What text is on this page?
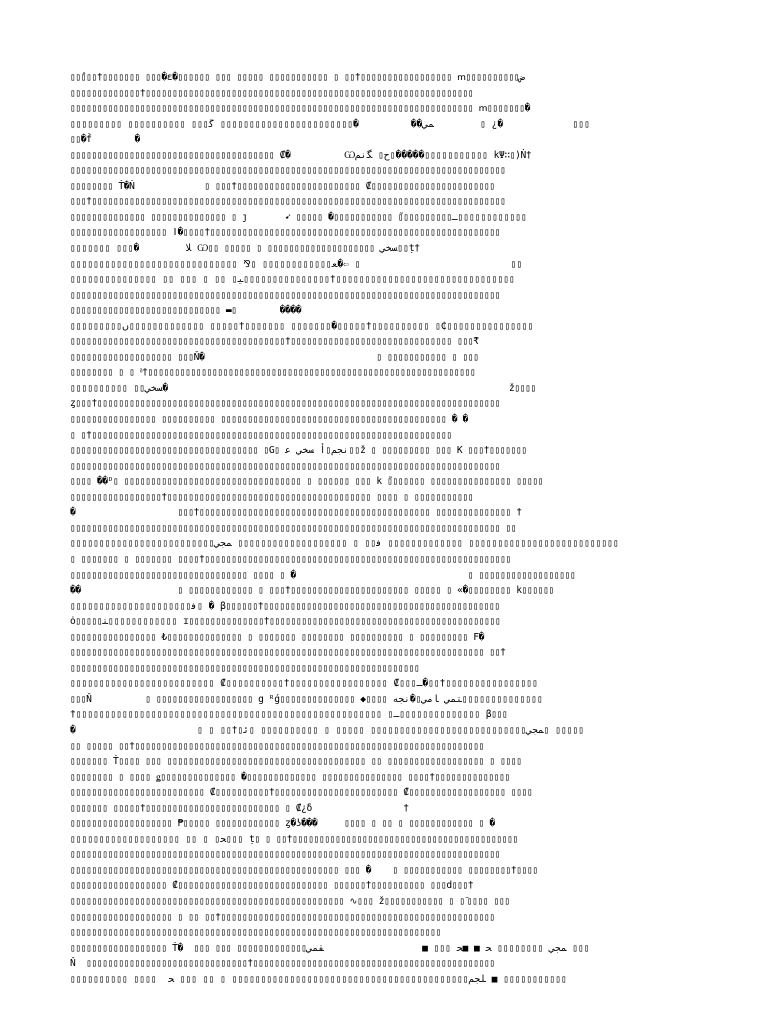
▯▯̂▯▯▯†▯▯▯▯▯▯▯ ▯▯▯�ԑ�▯▯▯▯▯▯ ▯▯▯ ▯▯▯▯▯ ▯▯▯▯▯▯▯▯▯▯▯ ▯ ▯▯†▯▯▯▯▯▯▯▯▯▯▯▯▯▯▯▯▯ ՠ▯▯▯▯▯▯▯▯▯▯ض
▯▯▯▯▯▯▯▯▯▯▯▯▯†▯▯▯▯▯▯▯▯▯▯▯▯▯▯▯▯▯▯▯▯▯▯▯▯▯▯▯▯▯▯▯▯▯▯▯▯▯▯▯▯▯▯▯▯▯▯▯▯▯▯▯▯▯▯▯▯▯▯▯▯▯
▯▯▯▯▯▯▯▯▯▯▯▯▯▯▯▯▯▯▯▯▯▯▯▯▯▯▯▯▯▯▯▯▯▯▯▯▯▯▯▯▯▯▯▯▯▯▯▯▯▯▯▯▯▯▯▯▯▯▯▯▯▯▯▯▯▯▯▯▯▯▯▯▯▯▯ ՠ▯▯▯▯▯▯▯�
▯▯▯▯▯▯▯▯▯ ▯▯▯▯▯▯▯▯▯▯ ▯▯▯ﻤﻲ��         �▯▯▯▯▯▯▯▯▯▯▯▯▯▯▯▯▯▯▯▯▯▯▯ ﮐ̃        ▯ ¿�            ▯▯▯
▯▯�ḟ        �
▯▯▯▯▯▯▯▯▯▯▯▯▯▯▯▯▯▯▯▯▯▯▯▯▯▯▯▯▯▯▯▯▯▯▯▯▯▯ ₡�          Ѡﺡ▯ ﮕﻧﻢ▯�����▯▯▯▯▯▯▯▯▯▯▯ kΨ∷▯)Ṅ†
▯▯▯▯▯▯▯▯▯▯▯▯▯▯▯▯▯▯▯▯▯▯▯▯▯▯▯▯▯▯▯▯▯▯▯▯▯▯▯▯▯▯▯▯▯▯▯▯▯▯▯▯▯▯▯▯▯▯▯▯▯▯▯▯▯▯▯▯▯▯▯▯▯▯▯▯▯▯▯▯▯
▯▯▯▯▯▯▯▯ Ṫ�Ṅ             ▯ ▯▯▯†▯▯▯▯▯▯▯▯▯▯▯▯▯▯▯▯▯▯▯▯▯▯▯ ₡▯▯▯▯▯▯▯▯▯▯▯▯▯▯▯▯▯▯▯▯▯▯▯
▯▯▯†▯▯▯▯▯▯▯▯▯▯▯▯▯▯▯▯▯▯▯▯▯▯▯▯▯▯▯▯▯▯▯▯▯▯▯▯▯▯▯▯▯▯▯▯▯▯▯▯▯▯▯▯▯▯▯▯▯▯▯▯▯▯▯▯▯▯▯▯▯▯▯▯▯▯▯▯▯
▯▯▯▯▯▯▯▯▯▯▯▯▯▯ ▯▯▯▯▯▯▯▯▯▯▯▯▯▯ ▯ ȷ       ➹ ▯▯▯▯▯ �▯▯▯▯▯▯▯▯▯▯▯ ̃▯▯▯▯▯▯▯▯▯▯ـ▯▯▯▯▯▯▯▯▯▯▯▯
▯▯▯▯▯▯▯▯▯▯▯▯▯▯▯▯▯▯ ǀ�▯▯▯▯†▯▯▯▯▯▯▯▯▯▯▯▯▯▯▯▯▯▯▯▯▯▯▯▯▯▯▯▯▯▯▯▯▯▯▯▯▯▯▯▯▯▯▯▯▯▯▯▯▯▯▯▯▯▯
▯▯▯▯▯▯▯ ▯▯▯�        ﻼ Ѡ▯▯ ▯▯▯▯▯ ▯ ▯▯▯▯▯▯▯▯▯▯▯▯▯▯▯▯▯▯▯▯ ﺴﺨﻲ▯▯ṭ†
▯▯▯▯▯▯▯▯▯▯▯▯▯▯▯▯▯▯▯▯▯▯▯▯▯▯▯▯▯ ⅋▯ ▯▯▯▯▯▯▯▯▯▯▯▯ﻌ�⇦ ▯                          ▯▯
▯▯▯▯▯▯▯▯▯▯▯▯▯▯▯ ▯▯ ▯▯▯ ▯ ▯▯ ▯ﯿ▯▯▯▯▯▯▯▯▯▯▯▯▯▯▯†▯▯▯▯▯▯▯▯▯▯▯▯▯▯▯▯▯▯▯▯▯▯▯▯▯▯▯▯▯▯▯
▯▯▯▯▯▯▯▯▯▯▯▯▯▯▯▯▯▯▯▯▯▯▯▯▯▯▯▯▯▯▯▯▯▯▯▯▯▯▯▯▯▯▯▯▯▯▯▯▯▯▯▯▯▯▯▯▯▯▯▯▯▯▯▯▯▯▯▯▯▯▯▯▯▯▯▯▯▯▯▯
▯▯▯▯▯▯▯▯▯▯▯▯▯▯▯▯▯▯▯▯▯▯▯▯▯▯▯▯ ▬▯        ����
▯▯▯▯▯▯▯▯▯ں▯▯▯▯▯▯▯▯▯▯▯▯▯ ▯▯▯▯▯†▯▯▯▯▯▯▯ ▯▯▯▯▯▯▯�▯▯▯▯▯†▯▯▯▯▯▯▯▯▯▯ ▯₵▯▯▯▯▯▯▯▯▯▯▯▯▯▯▯
▯▯▯▯▯▯▯▯▯▯▯▯▯▯▯▯▯▯▯▯▯▯▯▯▯▯▯▯▯▯▯▯▯▯▯▯▯▯▯▯†▯▯▯▯▯▯▯▯▯▯▯▯▯▯▯▯▯▯▯▯▯▯▯▯▯▯▯▯▯▯ ▯▯▯₹
▯▯▯▯▯▯▯▯▯▯▯▯▯▯▯▯▯▯▯ ▯▯▯Ň�                                ▯ ▯▯▯▯▯▯▯▯▯▯▯ ▯ ▯▯▯
▯▯▯▯▯▯▯▯ ▯ ▯ ᵟ†▯▯▯▯▯▯▯▯▯▯▯▯▯▯▯▯▯▯▯▯▯▯▯▯▯▯▯▯▯▯▯▯▯▯▯▯▯▯▯▯▯▯▯▯▯▯▯▯▯▯▯▯▯▯▯▯▯▯▯▯▯
▯▯▯▯▯▯▯▯▯▯ ▯▯ﺴﺨﻲ�                                                           ž▯▯▯▯
ȥ▯▯▯†▯▯▯▯▯▯▯▯▯▯▯▯▯▯▯▯▯▯▯▯▯▯▯▯▯▯▯▯▯▯▯▯▯▯▯▯▯▯▯▯▯▯▯▯▯▯▯▯▯▯▯▯▯▯▯▯▯▯▯▯▯▯▯▯▯▯▯▯▯▯▯▯▯▯▯
▯▯▯▯▯▯▯▯▯▯▯▯▯▯▯▯ ▯▯▯▯▯▯▯▯▯▯ ▯▯▯▯▯▯▯▯▯▯▯▯▯▯▯▯▯▯▯▯▯▯▯▯▯▯▯▯▯▯▯▯▯▯▯▯▯▯▯▯▯▯ � �
▯ ▯†▯▯▯▯▯▯▯▯▯▯▯▯▯▯▯▯▯▯▯▯▯▯▯▯▯▯▯▯▯▯▯▯▯▯▯▯▯▯▯▯▯▯▯▯▯▯▯▯▯▯▯▯▯▯▯▯▯▯▯▯▯▯▯▯▯▯▯
▯▯▯▯▯▯▯▯▯▯▯▯▯▯▯▯▯▯▯▯▯▯▯▯▯▯▯▯▯▯▯▯▯▯▯ ▯G▯ ﻧﺠﻢ▯ﺃ ﺴﺨﻲ ﻋ▯▯ž ▯ ▯▯▯▯▯▯▯▯▯ ▯▯▯ K ▯▯▯†▯▯▯▯▯▯▯
▯▯▯▯▯▯▯▯▯▯▯▯▯▯▯▯▯▯▯▯▯▯▯▯▯▯▯▯▯▯▯▯▯▯▯▯▯▯▯▯▯▯▯▯▯▯▯▯▯▯▯▯▯▯▯▯▯▯▯▯▯▯▯▯▯▯▯▯▯▯▯▯▯▯▯▯▯▯▯▯
▯▯▯▯ ��ᴰ▯ ▯▯▯▯▯▯▯▯▯▯▯▯▯▯▯▯▯▯▯▯▯▯▯▯▯▯▯▯▯▯▯▯▯ ▯ ▯▯▯▯▯▯ ▯▯▯ k ̃▯▯▯▯▯▯▯ ▯▯▯▯▯▯▯▯▯▯▯▯▯▯▯ ▯▯▯▯▯
▯▯▯▯▯▯▯▯▯▯▯▯▯▯▯▯▯†▯▯▯▯▯▯▯▯▯▯▯▯▯▯▯▯▯▯▯▯▯▯▯▯▯▯▯▯▯▯▯▯▯▯▯▯▯▯ ▯▯▯▯ ▯ ▯▯▯▯▯▯▯▯▯▯▯
�                   ▯▯▯†▯▯▯▯▯▯▯▯▯▯▯▯▯▯▯▯▯▯▯▯▯▯▯▯▯▯▯▯▯▯▯▯▯▯▯▯▯▯▯▯▯▯▯ ▯▯▯▯▯▯▯▯▯▯▯▯▯▯ †
▯▯▯▯▯▯▯▯▯▯▯▯▯▯▯▯▯▯▯▯▯▯▯▯▯▯▯▯▯▯▯▯▯▯▯▯▯▯▯▯▯▯▯▯▯▯▯▯▯▯▯▯▯▯▯▯▯▯▯▯▯▯▯▯▯▯▯▯▯▯▯▯▯▯▯▯▯▯▯▯ ▯▯
▯▯▯▯▯▯▯▯▯▯▯▯▯▯▯▯▯▯▯▯▯▯▯▯▯ﻓ▯▯ ▯ ▯▯▯▯▯▯▯▯▯▯▯▯▯▯▯▯▯▯▯ ﻤﺠﻲ ▯▯▯▯▯▯▯▯▯▯▯▯▯ ▯▯▯▯▯▯▯▯▯▯▯▯▯▯▯▯▯▯▯▯▯▯▯▯▯▯
▯ ▯▯▯▯▯▯▯ ▯ ▯▯▯▯▯▯▯ ▯▯▯▯†▯▯▯▯▯▯▯▯▯▯▯▯▯▯▯▯▯▯▯▯▯▯▯▯▯▯▯▯▯▯▯▯▯▯▯▯▯▯▯▯▯▯▯▯▯▯▯▯▯▯▯▯▯▯▯▯▯
▯▯▯▯▯▯▯▯▯▯▯▯▯▯▯▯▯▯▯▯▯▯▯▯▯▯▯▯▯▯▯▯▯ ▯▯▯▯ ▯ �                                ▯ ▯▯▯▯▯▯▯▯▯▯▯▯▯▯▯▯▯▯
��                  ▯ ▯▯▯▯▯▯▯▯▯▯▯▯ ▯ ▯▯▯†▯▯▯▯▯▯▯▯▯▯▯▯▯▯▯▯▯▯▯▯▯▯ ▯▯▯▯▯ ▯ «�▯▯▯▯▯▯▯▯ k▯▯▯▯▯▯
▯▯▯▯▯▯▯▯▯▯▯▯▯▯▯▯▯▯▯▯▯ﻓ▯ � β▯▯▯▯▯▯†▯▯▯▯▯▯▯▯▯▯▯▯▯▯▯▯▯▯▯▯▯▯▯▯▯▯▯▯▯▯▯▯▯▯▯▯▯▯▯▯▯▯▯▯
ȯ▯▯▯▯▯ﺘ▯▯▯▯▯▯▯▯▯▯▯▯ ɪ▯▯▯▯▯▯▯▯▯▯▯▯▯▯†▯▯▯▯▯▯▯▯▯▯▯▯▯▯▯▯▯▯▯▯▯▯▯▯▯▯▯▯▯▯▯▯▯▯▯▯▯▯▯▯▯▯▯
▯▯▯▯▯▯▯▯▯▯▯▯▯▯▯▯ ₺▯▯▯▯▯▯▯▯▯▯▯▯▯▯ ▯ ▯▯▯▯▯▯▯ ▯▯▯▯▯▯▯▯ ▯▯▯▯▯▯▯▯▯▯ ▯ ▯▯▯▯▯▯▯▯▯ F�
▯▯▯▯▯▯▯▯▯▯▯▯▯▯▯▯▯▯▯▯▯▯▯▯▯▯▯▯▯▯▯▯▯▯▯▯▯▯▯▯▯▯▯▯▯▯▯▯▯▯▯▯▯▯▯▯▯▯▯▯▯▯▯▯▯▯▯▯▯▯▯▯▯▯▯▯▯ ▯▯†
▯▯▯▯▯▯▯▯▯▯▯▯▯▯▯▯▯▯▯▯▯▯▯▯▯▯▯▯▯▯▯▯▯▯▯▯▯▯▯▯▯▯▯▯▯▯▯▯▯▯▯▯▯▯▯▯▯▯▯▯▯▯▯▯▯
▯▯▯▯▯▯▯▯▯▯▯▯▯▯▯▯▯▯▯▯▯▯▯▯▯ ₡▯▯▯▯▯▯▯▯▯▯†▯▯▯▯▯▯▯▯▯▯▯▯▯▯▯▯▯ ₡▯▯▯ـ�▯▯†▯▯▯▯▯▯▯▯▯▯▯▯▯▯▯▯
▯▯▯Ň          ▯ ▯▯▯▯▯▯▯▯▯▯▯▯▯▯▯▯▯▯ g ᴿǵ▯▯▯▯▯▯▯▯▯▯▯▯▯▯ ◆▯▯▯▯ ﺘﻤﻲ ﺎﻣﻲ▯�ﻧﺠﻪ▯▯▯▯▯▯▯▯▯▯▯▯▯▯
†▯▯▯▯▯▯▯▯▯▯▯▯▯▯▯▯▯▯▯▯▯▯▯▯▯▯▯▯▯▯▯▯▯▯▯▯▯▯▯▯▯▯▯▯▯▯▯▯▯▯▯▯▯ ▯ـ▯▯▯▯▯▯▯▯▯▯▯▯▯▯ β▯▯▯
�                     ▯ ▯ ▯▯†▯ﻤﺠﻲ▯▯▯▯▯▯▯▯▯▯▯▯▯▯▯▯▯▯▯▯▯▯▯▯▯▯▯ ▯▯▯▯▯ ▯ ▯▯▯▯▯▯▯▯▯▯ ▯ﺋ▯ ▯▯▯▯▯
▯▯ ▯▯▯▯▯ ▯▯†▯▯▯▯▯▯▯▯▯▯▯▯▯▯▯▯▯▯▯▯▯▯▯▯▯▯▯▯▯▯▯▯▯▯▯▯▯▯▯▯▯▯▯▯▯▯▯▯▯▯▯▯▯▯▯▯▯▯▯▯▯▯▯▯▯
▯▯▯▯▯▯▯ Ṫ▯▯▯▯ ▯▯▯ ▯▯▯▯▯▯▯▯▯▯▯▯▯▯▯▯▯▯▯▯▯▯▯▯▯▯▯▯▯▯▯▯▯▯▯▯▯ ▯▯ ▯▯▯▯▯▯▯▯▯▯▯▯▯▯▯▯▯▯ ▯ ▯▯▯▯
▯▯▯▯▯▯▯▯ ▯ ▯▯▯▯ ǥ▯▯▯▯▯▯▯▯▯▯▯▯▯▯ �▯▯▯▯▯▯▯▯▯▯▯▯▯ ▯▯▯▯▯▯▯▯▯▯▯▯▯▯▯ ▯▯▯▯†▯▯▯▯▯▯▯▯▯▯▯▯▯▯
▯▯▯▯▯▯▯▯▯▯▯▯▯▯▯▯▯▯▯▯▯▯▯▯▯ ₡▯▯▯▯▯▯▯▯▯▯†▯▯▯▯▯▯▯▯▯▯▯▯▯▯▯▯▯▯▯▯▯▯▯ ₡▯▯▯▯▯▯▯▯▯▯▯▯▯▯▯▯▯▯ ▯▯▯▯
▯▯▯▯▯▯▯ ▯▯▯▯▯†▯▯▯▯▯▯▯▯▯▯▯▯▯▯▯▯▯▯▯▯▯▯▯▯▯ ▯ ₡¿δ                 †
▯▯▯▯▯▯▯▯▯▯▯▯▯▯▯▯▯▯▯ ₱▯▯▯▯▯ ▯▯▯▯▯▯▯▯▯▯▯▯ ȥ�ʖ���     ▯▯▯▯ ▯ ▯▯ ▯ ▯▯▯▯▯▯▯▯▯▯▯▯ ▯ �
▯▯▯▯▯▯▯▯▯▯▯▯▯▯▯▯▯▯▯ ▯▯ ▯ ▯ﺤ▯▯▯ ṭ▯ ▯ ▯▯†▯▯▯▯▯▯▯▯▯▯▯▯▯▯▯▯▯▯▯▯▯▯▯▯▯▯▯▯▯▯▯▯▯▯▯▯▯▯▯▯▯▯
▯▯▯▯▯▯▯▯▯▯▯▯▯▯▯▯▯▯▯▯▯▯▯▯▯▯▯▯▯▯▯▯▯▯▯▯▯▯▯▯▯▯▯▯▯▯▯▯▯▯▯▯▯▯▯▯▯▯▯▯▯▯▯▯▯▯▯▯▯▯▯▯▯▯▯▯▯▯▯▯
▯▯▯▯▯▯▯▯▯▯▯▯▯▯▯▯▯▯▯▯▯▯▯▯▯▯▯▯▯▯▯▯▯▯▯▯▯▯▯▯▯▯▯▯▯▯▯▯▯▯ ▯▯▯ �    ▯ ▯▯▯▯▯▯▯▯▯▯▯ ▯▯▯▯▯▯▯▯†▯▯▯▯
▯▯▯▯▯▯▯▯▯▯▯▯▯▯▯▯▯▯ ₡▯▯▯▯▯▯▯▯▯▯▯▯▯▯▯▯▯▯▯▯▯▯▯▯▯▯▯▯ ▯▯▯▯▯▯†▯▯▯▯▯▯▯▯▯▯ ▯▯▯d▯▯▯†
▯▯▯▯▯▯▯▯▯▯▯▯▯▯▯▯▯▯▯▯▯▯▯▯▯▯▯▯▯▯▯▯▯▯▯▯▯▯▯▯▯▯▯▯▯▯▯▯▯▯▯ ∿▯▯▯ ž▯▯▯▯▯▯▯▯▯▯▯ ▯ ▯ ᷄▯▯▯▯ ▯▯▯
▯▯▯▯▯▯▯▯▯▯▯▯▯▯▯▯▯▯▯ ▯ ▯▯ ▯▯†▯▯▯▯▯▯▯▯▯▯▯▯▯▯▯▯▯▯▯▯▯▯▯▯▯▯▯▯▯▯▯▯▯▯▯▯▯▯▯▯▯▯▯▯▯▯▯▯▯▯▯
▯▯▯▯▯▯▯▯▯▯▯▯▯▯▯▯▯▯▯▯▯▯▯▯▯▯▯▯▯▯▯▯▯▯▯▯▯▯▯▯▯▯▯▯▯▯▯▯▯▯▯▯▯▯▯▯▯▯▯▯▯▯▯▯▯▯▯▯▯
▯▯▯▯▯▯▯▯▯▯▯▯▯▯▯▯▯▯ Ṫ�  ▯▯▯ ▯▯▯ ▯▯▯▯▯▯▯▯▯▯▯▯▯ﻤﺠﻲ ▯▯▯▯▯▯▯▯ ﺤ ■ ■ﺤ ▯▯▯ ■                 ﻘﻤﻲ ▯▯▯
Ň  ▯▯▯▯▯▯▯▯▯▯▯▯▯▯▯▯▯▯▯▯▯▯▯▯▯▯▯▯▯▯†▯▯▯▯▯▯▯▯▯▯▯▯▯▯▯▯▯▯▯▯▯▯▯▯▯▯▯▯▯▯▯▯▯▯▯▯▯▯▯▯▯▯▯▯▯
▯▯▯▯▯▯▯▯▯▯ ▯▯▯▯  ﻠﺠﻢ▯▯▯▯▯▯▯▯▯▯▯▯▯▯▯▯▯▯▯▯▯▯▯▯▯▯▯▯▯▯▯▯▯▯▯▯▯▯▯▯▯ ▯ ▯▯ ▯▯▯ ﺤ ■ ▯▯▯▯▯▯▯▯▯▯▯
